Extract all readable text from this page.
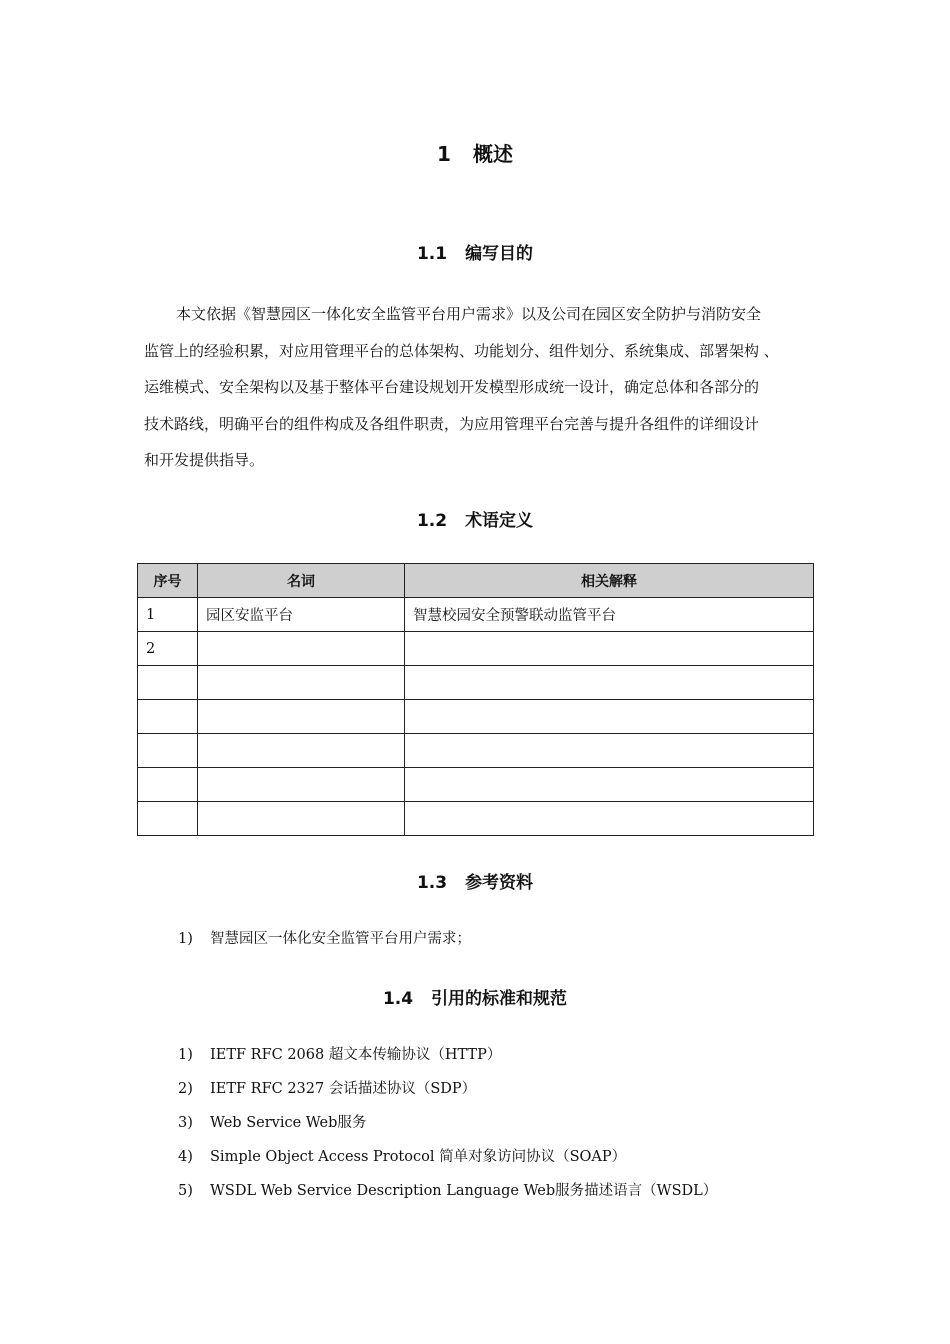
1 概述
1.1 编写目的

本文依据《智慧园区一体化安全监管平台用户需求》以及公司在园区安全防护与消防安全
监管上的经验积累，对应用管理平台的总体架构、功能划分、组件划分、系统集成、部署架构 、
运维模式、安全架构以及基于整体平台建设规划开发模型形成统一设计，确定总体和各部分的
技术路线，明确平台的组件构成及各组件职责，为应用管理平台完善与提升各组件的详细设计
和开发提供指导。

1.2 术语定义
序号	名词	相关解释
1	园区安监平台	智慧校园安全预警联动监管平台
2		

1.3 参考资料
1) 智慧园区一体化安全监管平台用户需求；
1.4 引用的标准和规范
1) IETF RFC 2068 超文本传输协议（HTTP）
2) IETF RFC 2327 会话描述协议（SDP）
3) Web Service Web服务
4) Simple Object Access Protocol 简单对象访问协议（SOAP）
5) WSDL Web Service Description Language Web服务描述语言（WSDL）
